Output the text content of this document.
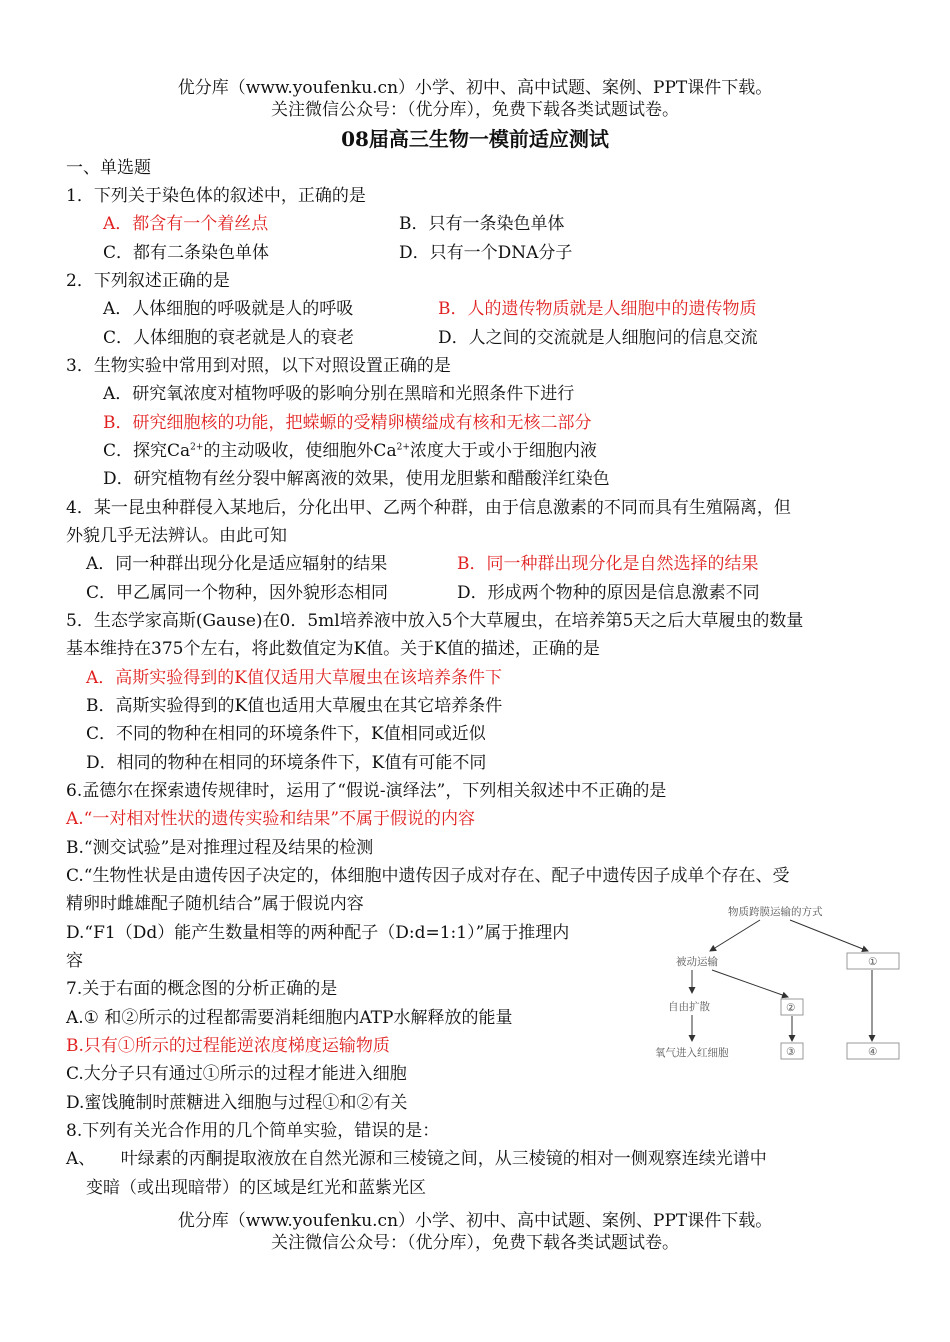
优分库（www.youfenku.cn）小学、初中、高中试题、案例、PPT课件下载。
关注微信公众号：（优分库），免费下载各类试题试卷。
08届高三生物一模前适应测试
一、单选题
1．下列关于染色体的叙述中，正确的是
A．都含有一个着丝点	B．只有一条染色单体
C．都有二条染色单体	D．只有一个DNA分子
2．下列叙述正确的是
A．人体细胞的呼吸就是人的呼吸	B．人的遗传物质就是人细胞中的遗传物质
C．人体细胞的衰老就是人的衰老	D．人之间的交流就是人细胞问的信息交流
3．生物实验中常用到对照，以下对照设置正确的是
A．研究氧浓度对植物呼吸的影响分别在黑暗和光照条件下进行
B．研究细胞核的功能，把蝾螈的受精卵横缢成有核和无核二部分
C．探究$Ca^{2+}$的主动吸收，使细胞外$Ca^{2+}$浓度大于或小于细胞内液
D．研究植物有丝分裂中解离液的效果，使用龙胆紫和醋酸洋红染色
4．某一昆虫种群侵入某地后，分化出甲、乙两个种群，由于信息激素的不同而具有生殖隔离，但
外貌几乎无法辨认。由此可知
A．同一种群出现分化是适应辐射的结果	B．同一种群出现分化是自然选择的结果
C．甲乙属同一个物种，因外貌形态相同	D．形成两个物种的原因是信息激素不同
5．生态学家高斯(Gause)在0．5ml培养液中放入5个大草履虫，在培养第5天之后大草履虫的数量
基本维持在375个左右，将此数值定为K值。关于K值的描述，正确的是
A．高斯实验得到的K值仅适用大草履虫在该培养条件下
B．高斯实验得到的K值也适用大草履虫在其它培养条件
C．不同的物种在相同的环境条件下，K值相同或近似
D．相同的物种在相同的环境条件下，K值有可能不同
6.孟德尔在探索遗传规律时，运用了“假说-演绎法”，下列相关叙述中不正确的是
A.“一对相对性状的遗传实验和结果”不属于假说的内容
B.“测交试验”是对推理过程及结果的检测
C.“生物性状是由遗传因子决定的，体细胞中遗传因子成对存在、配子中遗传因子成单个存在、受
精卵时雌雄配子随机结合”属于假说内容
D.“F1（Dd）能产生数量相等的两种配子（D:d=1:1）”属于推理内
容
7.关于右面的概念图的分析正确的是
A.① 和②所示的过程都需要消耗细胞内ATP水解释放的能量
B.只有①所示的过程能逆浓度梯度运输物质
C.大分子只有通过①所示的过程才能进入细胞
D.蜜饯腌制时蔗糖进入细胞与过程①和②有关
8.下列有关光合作用的几个简单实验，错误的是：
A、　　叶绿素的丙酮提取液放在自然光源和三棱镜之间，从三棱镜的相对一侧观察连续光谱中
变暗（或出现暗带）的区域是红光和蓝紫光区
物质跨膜运输的方式
被动运输	①
自由扩散	②
氧气进入红细胞	③	④
优分库（www.youfenku.cn）小学、初中、高中试题、案例、PPT课件下载。
关注微信公众号：（优分库），免费下载各类试题试卷。
